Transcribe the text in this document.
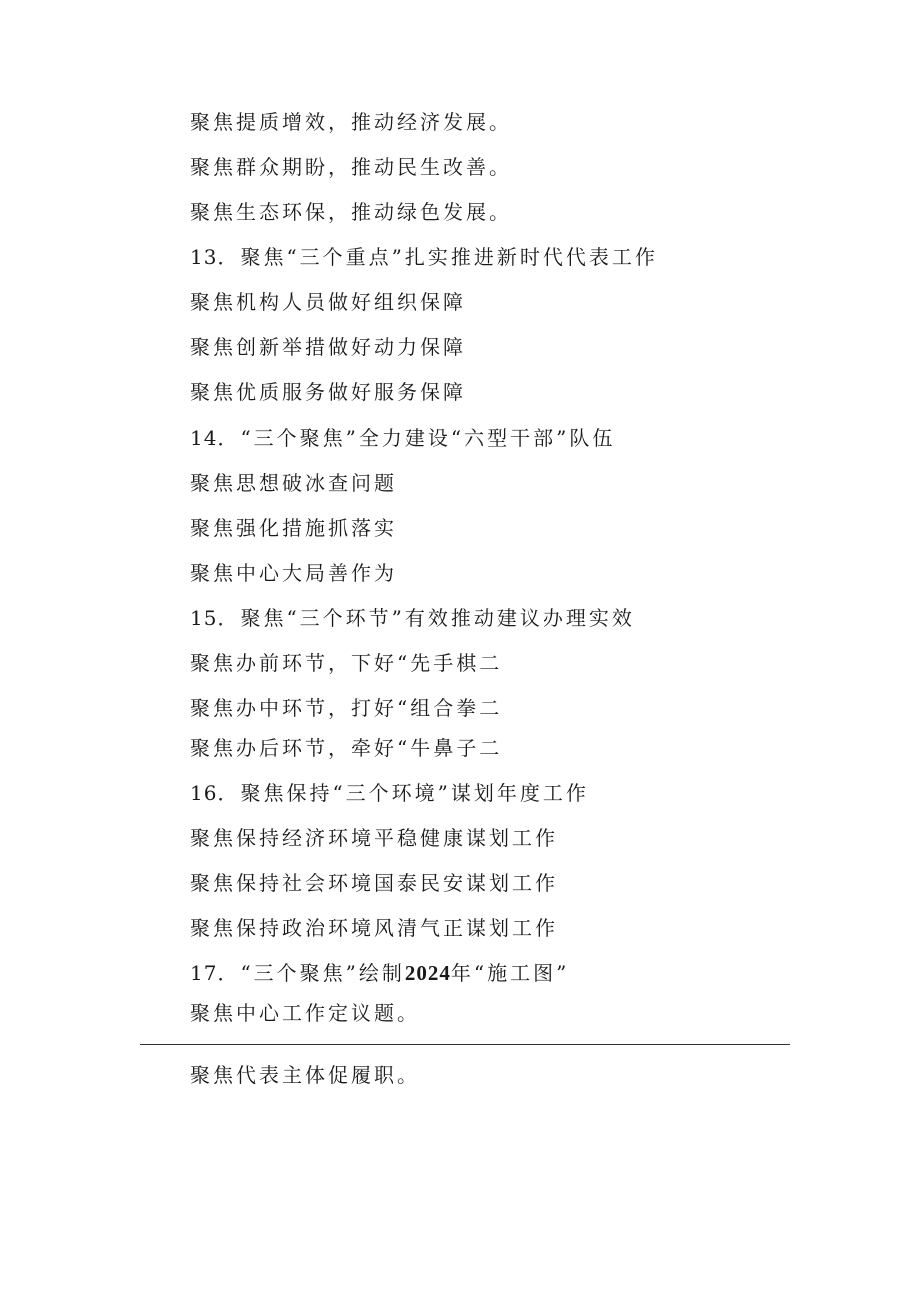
聚焦提质增效，推动经济发展。
聚焦群众期盼，推动民生改善。
聚焦生态环保，推动绿色发展。
13．聚焦“三个重点”扎实推进新时代代表工作
聚焦机构人员做好组织保障
聚焦创新举措做好动力保障
聚焦优质服务做好服务保障
14．“三个聚焦”全力建设“六型干部”队伍
聚焦思想破冰查问题
聚焦强化措施抓落实
聚焦中心大局善作为
15．聚焦“三个环节”有效推动建议办理实效
聚焦办前环节，下好“先手棋二
聚焦办中环节，打好“组合拳二
聚焦办后环节，牵好“牛鼻子二
16．聚焦保持“三个环境”谋划年度工作
聚焦保持经济环境平稳健康谋划工作
聚焦保持社会环境国泰民安谋划工作
聚焦保持政治环境风清气正谋划工作
17．“三个聚焦”绘制2024年“施工图”
聚焦中心工作定议题。
聚焦代表主体促履职。
